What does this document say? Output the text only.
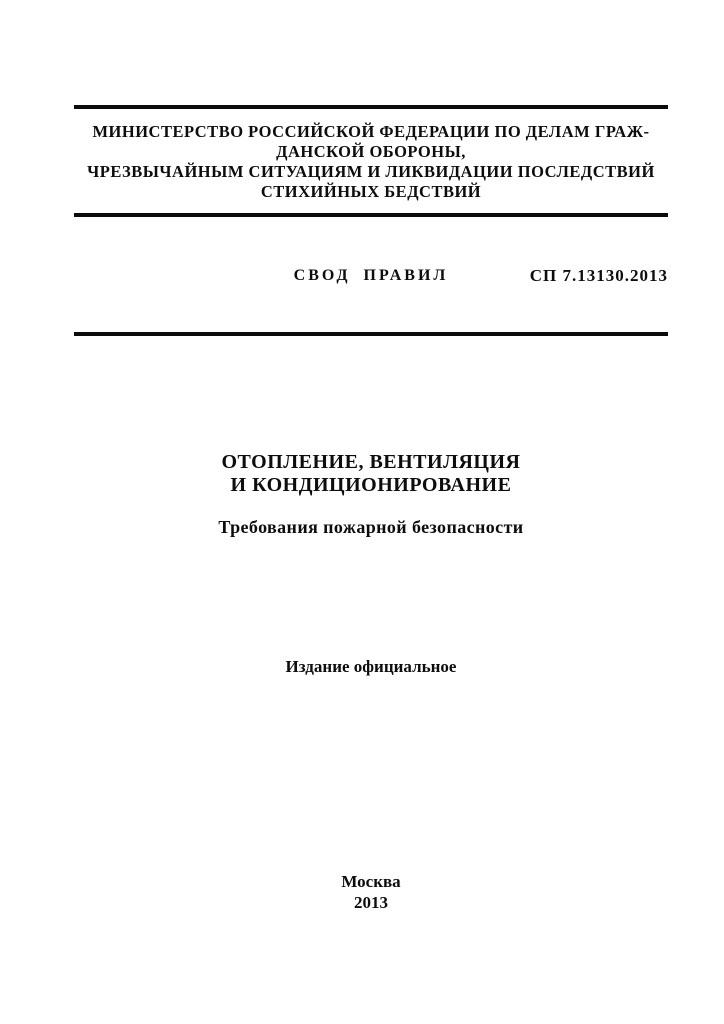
МИНИСТЕРСТВО РОССИЙСКОЙ ФЕДЕРАЦИИ ПО ДЕЛАМ ГРАЖ-
ДАНСКОЙ ОБОРОНЫ,
ЧРЕЗВЫЧАЙНЫМ СИТУАЦИЯМ И ЛИКВИДАЦИИ ПОСЛЕДСТВИЙ
СТИХИЙНЫХ БЕДСТВИЙ
СВОД ПРАВИЛ	СП 7.13130.2013
ОТОПЛЕНИЕ, ВЕНТИЛЯЦИЯ
И КОНДИЦИОНИРОВАНИЕ
Требования пожарной безопасности
Издание официальное
Москва
2013
